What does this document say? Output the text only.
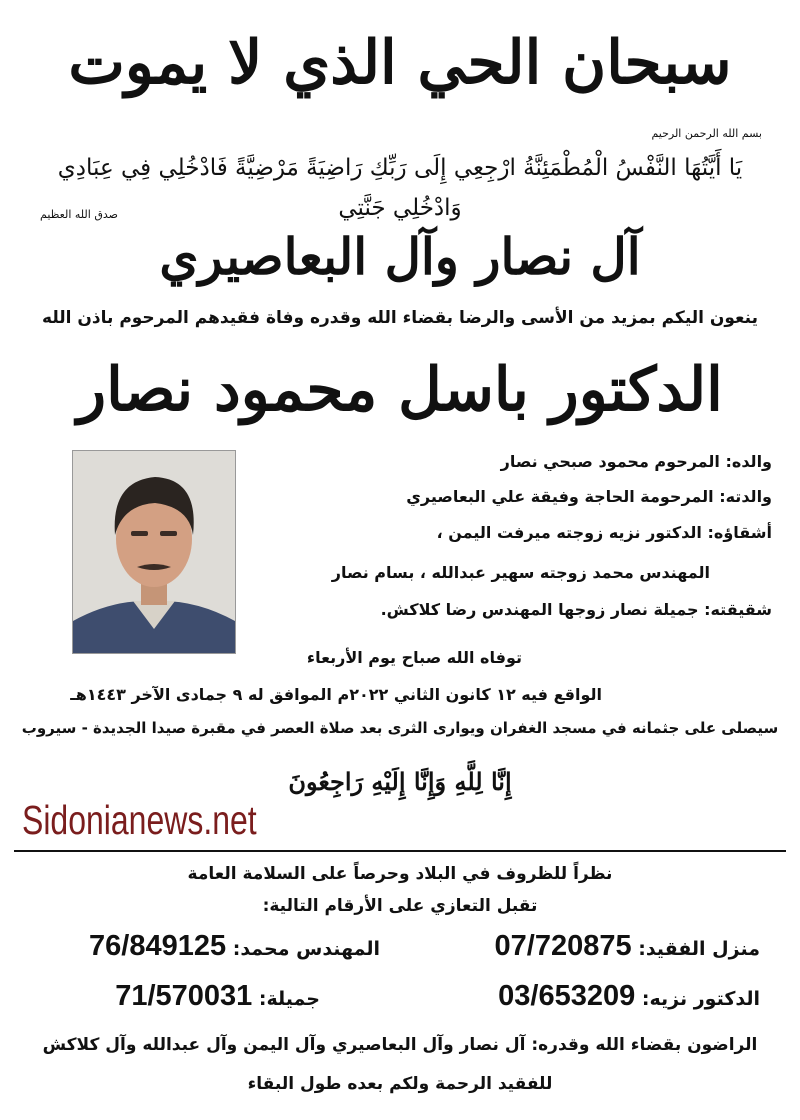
سبحان الحي الذي لا يموت
بسم الله الرحمن الرحيم
يَا أَيَّتُهَا النَّفْسُ الْمُطْمَئِنَّةُ ارْجِعِي إِلَى رَبِّكِ رَاضِيَةً مَرْضِيَّةً فَادْخُلِي فِي عِبَادِي وَادْخُلِي جَنَّتِي
صدق الله العظيم
آل نصار وآل البعاصيري
ينعون اليكم بمزيد من الأسى والرضا بقضاء الله وقدره وفاة فقيدهم المرحوم باذن الله
الدكتور باسل محمود نصار
والده: المرحوم محمود صبحي نصار
والدته: المرحومة الحاجة وفيقة علي البعاصيري
أشقاؤه: الدكتور نزيه زوجته ميرفت اليمن ،
المهندس محمد زوجته سهير عبدالله ، بسام نصار
شقيقته: جميلة نصار زوجها المهندس رضا كلاكش.
توفاه الله صباح يوم الأربعاء
الواقع فيه ١٢ كانون الثاني ٢٠٢٢م الموافق له ٩ جمادى الآخر ١٤٤٣هـ
سيصلى على جثمانه في مسجد الغفران ويوارى الثرى بعد صلاة العصر في مقبرة صيدا الجديدة - سيروب
إِنَّا لِلَّهِ وَإِنَّا إِلَيْهِ رَاجِعُونَ
Sidonianews.net
نظراً للظروف في البلاد وحرصاً على السلامة العامة
تقبل التعازي على الأرقام التالية:
منزل الفقيد: 07/720875
المهندس محمد: 76/849125
الدكتور نزيه: 03/653209
جميلة: 71/570031
الراضون بقضاء الله وقدره: آل نصار وآل البعاصيري وآل اليمن وآل عبدالله وآل كلاكش
للفقيد الرحمة ولكم بعده طول البقاء
